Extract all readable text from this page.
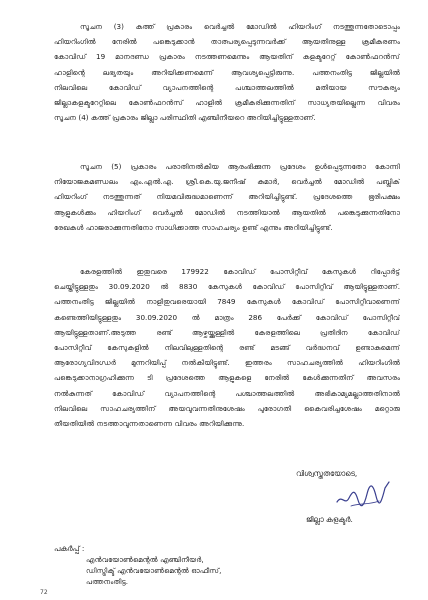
സൂചന (3) കത്ത് പ്രകാരം വെർച്ചൽ മോഡിൽ ഹിയറിംഗ് നടത്തുന്നതോടൊപ്പം
ഹിയറിംഗിൽ നേരിൽ പങ്കെടുക്കാൻ താത്പര്യപ്പെടുന്നവർക്ക് ആയതിനുള്ള ക്രമീകരണം
കോവിഡ് 19 മാനദണ്ഡ പ്രകാരം നടത്തണമെന്നും ആയതിന് കളക്ടറേറ്റ് കോൺഫറൻസ്
ഹാളിന്റെ ലഭ്യതയും അറിയിക്കണമെന്ന് ആവശ്യപ്പെട്ടിരുന്നു. പത്തനംതിട്ട ജില്ലയിൽ
നിലവിലെ കോവിഡ് വ്യാപനത്തിന്റെ പശ്ചാത്തലത്തിൽ മതിയായ സൗകര്യം
ജില്ലാകളക്ടറേറ്റിലെ കോൺഫറൻസ് ഹാളിൽ ക്രമീകരിക്കുന്നതിന് സാധ്യതയില്ലെന്ന വിവരം
സൂചന (4) കത്ത് പ്രകാരം ജില്ലാ പരിസ്ഥിതി എഞ്ചിനീയറെ അറിയിച്ചിട്ടുള്ളതാണ്.
സൂചന (5) പ്രകാരം പരാതിനൽകിയ ആരംഭിക്കുന്ന പ്രദേശം ഉൾപ്പെടുന്നതോ കോന്നി
നിയോജകമണ്ഡലം എം.എൽ.എ. ശ്രീ.കെ.യു.ജനീഷ് കുമാർ, വെർച്ചൽ മോഡിൽ പബ്ലിക്
ഹിയറിംഗ് നടത്തുന്നത് നിയമവിരുദ്ധമാണെന്ന് അറിയിച്ചിട്ടുണ്ട്. പ്രദേശത്തെ ഭൂരിപക്ഷം
ആളുകൾക്കും ഹിയറിംഗ് വെർച്ചൽ മോഡിൽ നടത്തിയാൽ ആയതിൽ പങ്കെടുക്കുന്നതിനോ
രേഖകൾ ഹാജരാക്കുന്നതിനോ സാധിക്കാത്ത സാഹചര്യം ഉണ്ട് എന്നും അറിയിച്ചിട്ടുണ്ട്.
കേരളത്തിൽ ഇതുവരെ 179922 കോവിഡ് പോസിറ്റീവ് കേസുകൾ റിപ്പോർട്ട്
ചെയ്തിട്ടുള്ളതും 30.09.2020 ൽ 8830 കേസുകൾ കോവിഡ് പോസിറ്റീവ് ആയിട്ടുള്ളതാണ്.
പത്തനംതിട്ട ജില്ലയിൽ നാളിതുവരെയായി 7849 കേസുകൾ കോവിഡ് പോസിറ്റീവാണെന്ന്
കണ്ടെത്തിയിട്ടുള്ളതും 30.09.2020 ൽ മാത്രം 286 പേർക്ക് കോവിഡ് പോസിറ്റീവ്
ആയിട്ടുള്ളതാണ്.അടുത്ത രണ്ട് ആഴ്ചയ്ക്കുള്ളിൽ കേരളത്തിലെ പ്രതിദിന കോവിഡ്
പോസിറ്റീവ് കേസുകളിൽ നിലവിലുള്ളതിന്റെ രണ്ട് മടങ്ങ് വർദ്ധനവ് ഉണ്ടാകുമെന്ന്
ആരോഗ്യവിദഗ്ധർ മുന്നറിയിപ്പ് നൽകിയിട്ടുണ്ട്. ഇത്തരം സാഹചര്യത്തിൽ ഹിയറിംഗിൽ
പങ്കെടുക്കാനാഗ്രഹിക്കുന്ന ടി പ്രദേശത്തെ ആളുകളെ നേരിൽ കേൾക്കുന്നതിന് അവസരം
നൽകുന്നത് കോവിഡ് വ്യാപനത്തിന്റെ പശ്ചാത്തലത്തിൽ അഭികാമ്യമല്ലാത്തതിനാൽ
നിലവിലെ സാഹചര്യത്തിന് അയവുവന്നതിനുശേഷം പുരോഗതി കൈവരിച്ചശേഷം മറ്റൊരു
തീയതിയിൽ നടത്താവുന്നതാണെന്ന വിവരം അറിയിക്കുന്നു.
വിശ്വസ്തതയോടെ,
ജില്ലാ കളക്ടർ.
പകർപ്പ് :
എൻവയോൺമെന്റൽ എഞ്ചിനീയർ,
ഡിസ്ട്രിക്ട് എൻവയോൺമെന്റൽ ഓഫീസ്,
പത്തനംതിട്ട.
72
